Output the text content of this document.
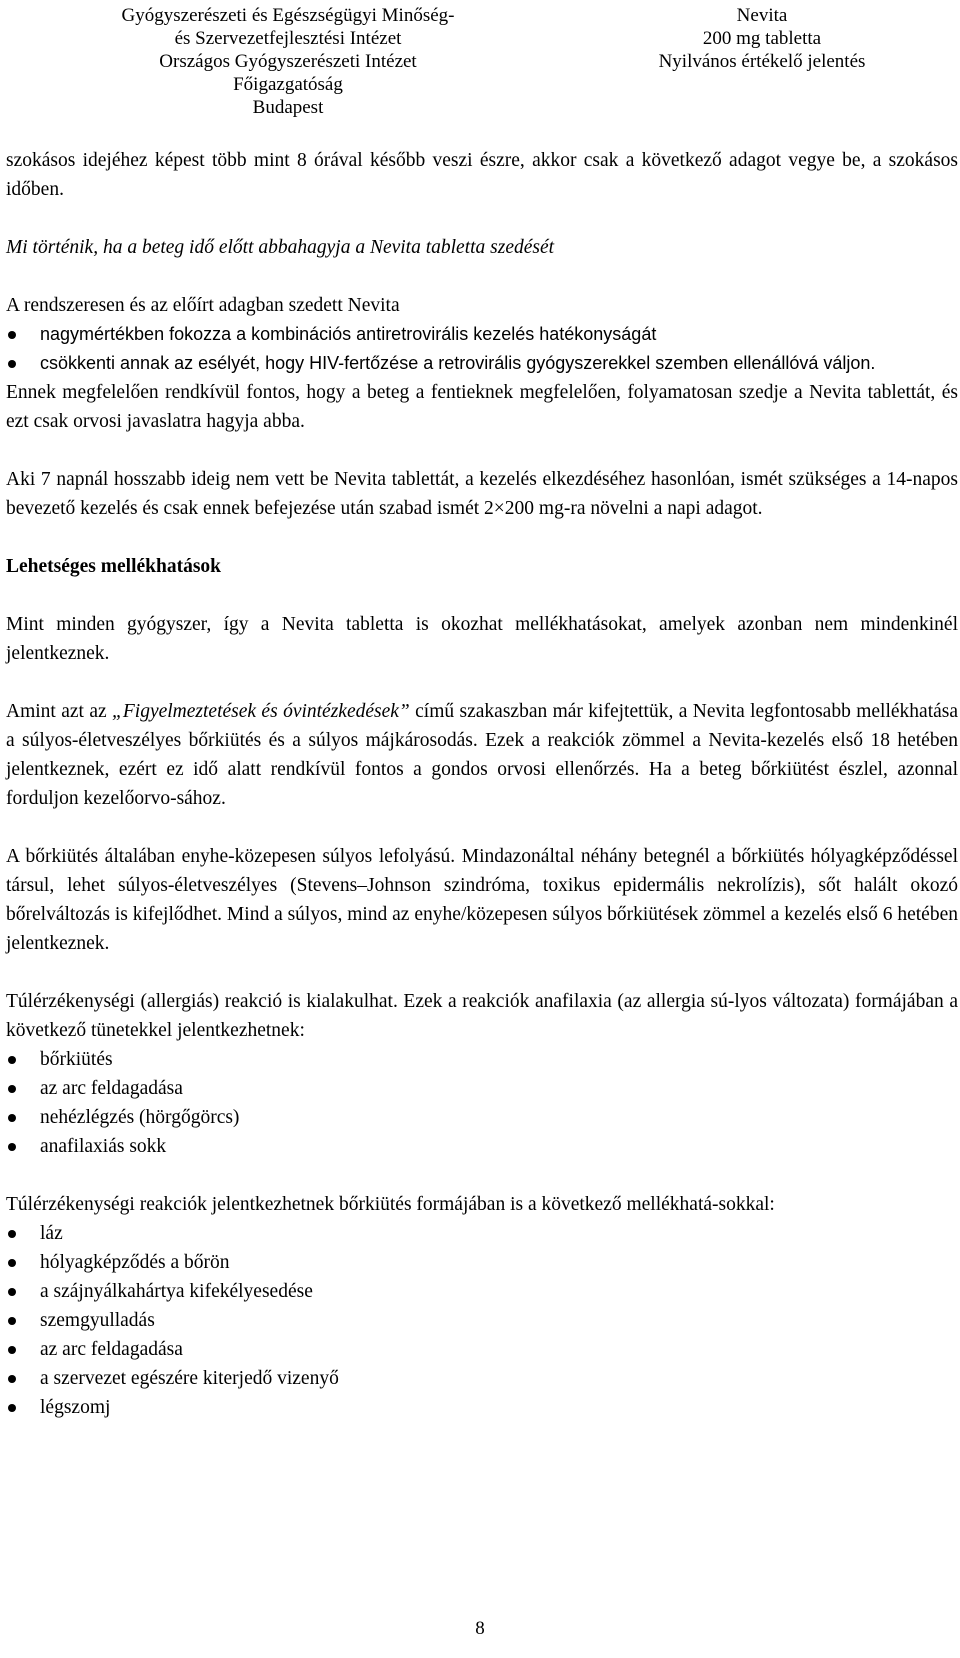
Gyógyszerészeti és Egészségügyi Minőség-
és Szervezetfejlesztési Intézet
Országos Gyógyszerészeti Intézet
Főigazgatóság
Budapest
Nevita
200 mg tabletta
Nyilvános értékelő jelentés

szokásos idejéhez képest több mint 8 órával később veszi észre, akkor csak a következő adagot vegye be, a szokásos időben.

Mi történik, ha a beteg idő előtt abbahagyja a Nevita tabletta szedését

A rendszeresen és az előírt adagban szedett Nevita

nagymértékben fokozza a kombinációs antiretrovirális kezelés hatékonyságát
csökkenti annak az esélyét, hogy HIV-fertőzése a retrovirális gyógyszerekkel szemben ellenállóvá váljon.

Ennek megfelelően rendkívül fontos, hogy a beteg a fentieknek megfelelően, folyamatosan szedje a Nevita tablettát, és ezt csak orvosi javaslatra hagyja abba.

Aki 7 napnál hosszabb ideig nem vett be Nevita tablettát, a kezelés elkezdéséhez hasonlóan, ismét szükséges a 14-napos bevezető kezelés és csak ennek befejezése után szabad ismét 2×200 mg-ra növelni a napi adagot.

Lehetséges mellékhatások

Mint minden gyógyszer, így a Nevita tabletta is okozhat mellékhatásokat, amelyek azonban nem mindenkinél jelentkeznek.

Amint azt az „Figyelmeztetések és óvintézkedések” című szakaszban már kifejtettük, a Nevita legfontosabb mellékhatása a súlyos-életveszélyes bőrkiütés és a súlyos májkárosodás. Ezek a reakciók zömmel a Nevita-kezelés első 18 hetében jelentkeznek, ezért ez idő alatt rendkívül fontos a gondos orvosi ellenőrzés. Ha a beteg bőrkiütést észlel, azonnal forduljon kezelőorvo-sához.

A bőrkiütés általában enyhe-közepesen súlyos lefolyású. Mindazonáltal néhány betegnél a bőrkiütés hólyagképződéssel társul, lehet súlyos-életveszélyes (Stevens–Johnson szindróma, toxikus epidermális nekrolízis), sőt halált okozó bőrelváltozás is kifejlődhet. Mind a súlyos, mind az enyhe/közepesen súlyos bőrkiütések zömmel a kezelés első 6 hetében jelentkeznek.

Túlérzékenységi (allergiás) reakció is kialakulhat. Ezek a reakciók anafilaxia (az allergia sú-lyos változata) formájában a következő tünetekkel jelentkezhetnek:

bőrkiütés
az arc feldagadása
nehézlégzés (hörgőgörcs)
anafilaxiás sokk

Túlérzékenységi reakciók jelentkezhetnek bőrkiütés formájában is a következő mellékhatá-sokkal:

láz
hólyagképződés a bőrön
a szájnyálkahártya kifekélyesedése
szemgyulladás
az arc feldagadása
a szervezet egészére kiterjedő vizenyő
légszomj
8
